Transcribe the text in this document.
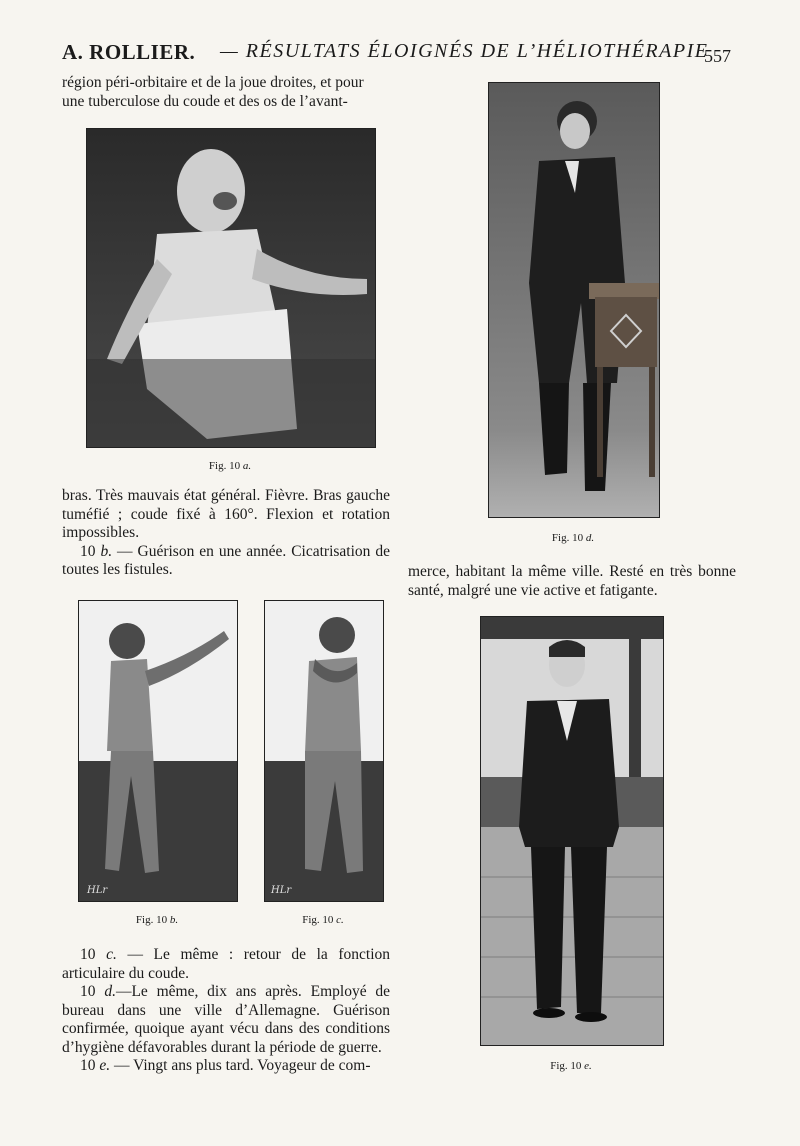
A. ROLLIER. — RÉSULTATS ÉLOIGNÉS DE L’HÉLIOTHÉRAPIE
557

région péri-orbitaire et de la joue droites, et pour

une tuberculose du coude et des os de l’avant-

Fig. 10 a.

bras. Très mauvais état général. Fièvre. Bras gauche tuméfié ; coude fixé à 160°. Flexion et rotation impossibles.

10 b. — Guérison en une année. Cicatrisation de toutes les fistules.

HLr
Fig. 10 b.
HLr
Fig. 10 c.

10 c. — Le même : retour de la fonction articulaire du coude.

10 d.—Le même, dix ans après. Employé de bureau dans une ville d’Allemagne. Guérison confirmée, quoique ayant vécu dans des conditions d’hygiène défavorables durant la période de guerre.

10 e. — Vingt ans plus tard. Voyageur de com-

Fig. 10 d.

merce, habitant la même ville. Resté en très bonne santé, malgré une vie active et fatigante.

Fig. 10 e.
